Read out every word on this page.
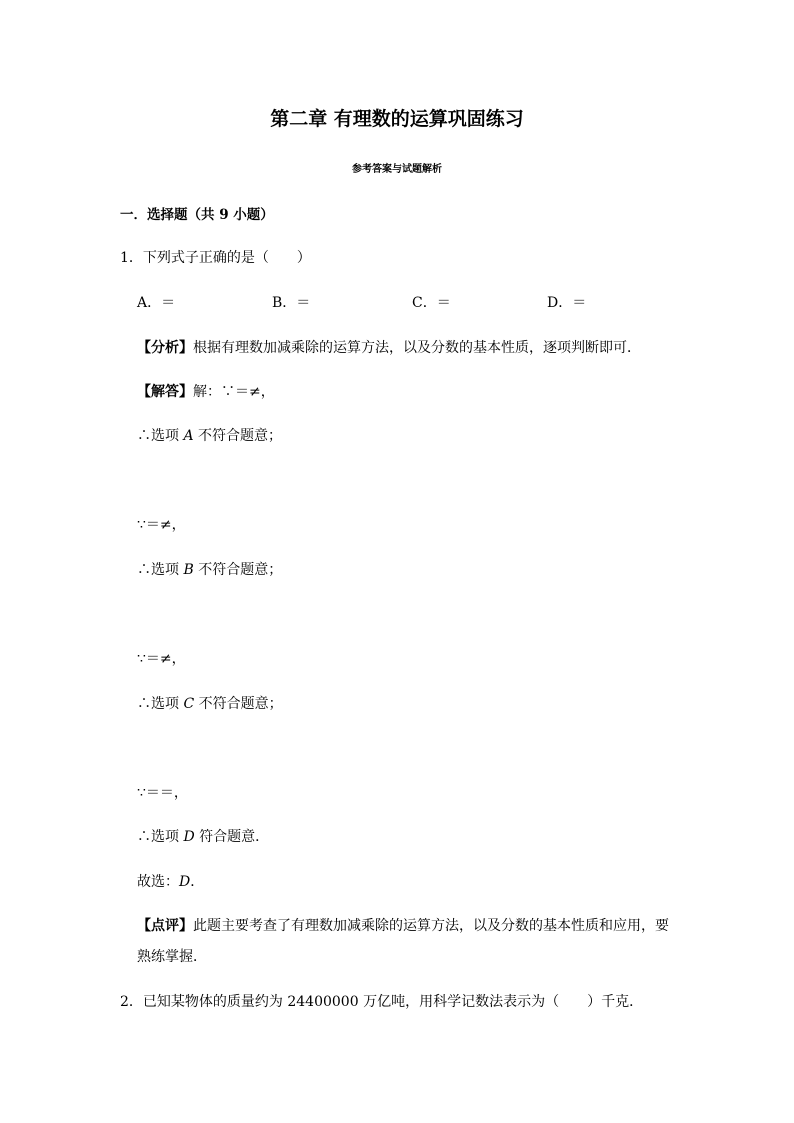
第二章 有理数的运算巩固练习
参考答案与试题解析
一．选择题（共 9 小题）
1．下列式子正确的是（　　）
A．＝	B．＝	C．＝	D．＝
【分析】根据有理数加减乘除的运算方法，以及分数的基本性质，逐项判断即可．
【解答】解：∵＝≠，
∴选项 A 不符合题意；
∵＝≠，
∴选项 B 不符合题意；
∵＝≠，
∴选项 C 不符合题意；
∵＝＝，
∴选项 D 符合题意．
故选：D．
【点评】此题主要考查了有理数加减乘除的运算方法，以及分数的基本性质和应用，要
熟练掌握．
2．已知某物体的质量约为 24400000 万亿吨，用科学记数法表示为（　　）千克．
